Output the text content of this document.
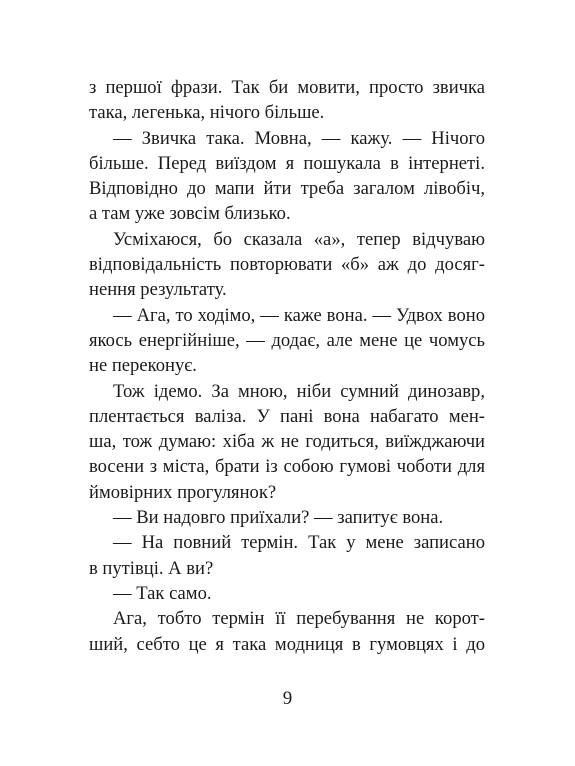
з першої фрази. Так би мовити, просто звичка
така, легенька, нічого більше.
— Звичка така. Мовна, — кажу. — Нічого
більше. Перед виїздом я пошукала в інтернеті.
Відповідно до мапи йти треба загалом лівобіч,
а там уже зовсім близько.
Усміхаюся, бо сказала «а», тепер відчуваю
відповідальність повторювати «б» аж до досяг-
нення результату.
— Ага, то ходімо, — каже вона. — Удвох воно
якось енергійніше, — додає, але мене це чомусь
не переконує.
Тож ідемо. За мною, ніби сумний динозавр,
плентається валіза. У пані вона набагато мен-
ша, тож думаю: хіба ж не годиться, виїжджаючи
восени з міста, брати із собою гумові чоботи для
ймовірних прогулянок?
— Ви надовго приїхали? — запитує вона.
— На повний термін. Так у мене записано
в путівці. А ви?
— Так само.
Ага, тобто термін її перебування не корот-
ший, себто це я така модниця в гумовцях і до
9
